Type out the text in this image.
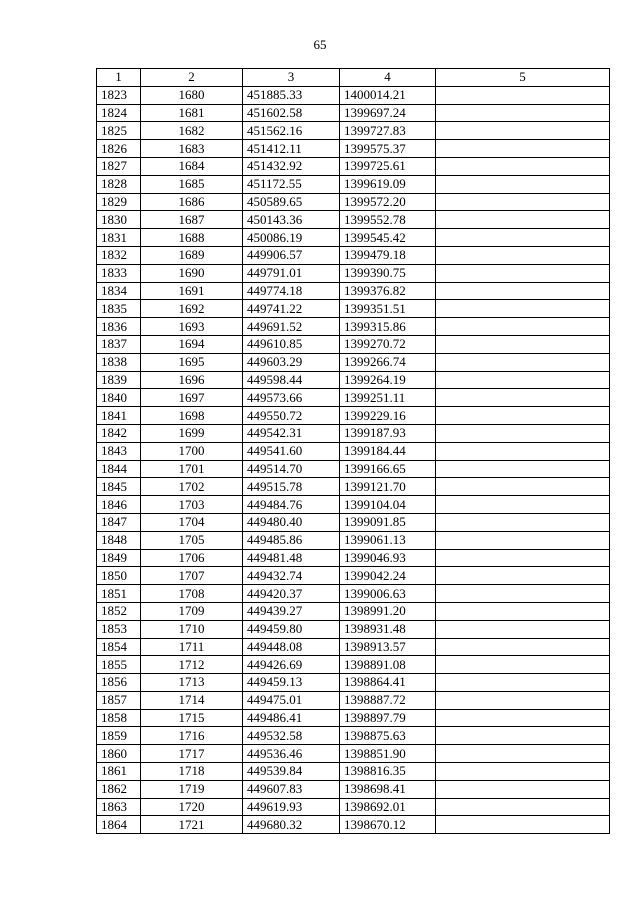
65
1	2	3	4	5
1823	1680	451885.33	1400014.21	
1824	1681	451602.58	1399697.24	
1825	1682	451562.16	1399727.83	
1826	1683	451412.11	1399575.37	
1827	1684	451432.92	1399725.61	
1828	1685	451172.55	1399619.09	
1829	1686	450589.65	1399572.20	
1830	1687	450143.36	1399552.78	
1831	1688	450086.19	1399545.42	
1832	1689	449906.57	1399479.18	
1833	1690	449791.01	1399390.75	
1834	1691	449774.18	1399376.82	
1835	1692	449741.22	1399351.51	
1836	1693	449691.52	1399315.86	
1837	1694	449610.85	1399270.72	
1838	1695	449603.29	1399266.74	
1839	1696	449598.44	1399264.19	
1840	1697	449573.66	1399251.11	
1841	1698	449550.72	1399229.16	
1842	1699	449542.31	1399187.93	
1843	1700	449541.60	1399184.44	
1844	1701	449514.70	1399166.65	
1845	1702	449515.78	1399121.70	
1846	1703	449484.76	1399104.04	
1847	1704	449480.40	1399091.85	
1848	1705	449485.86	1399061.13	
1849	1706	449481.48	1399046.93	
1850	1707	449432.74	1399042.24	
1851	1708	449420.37	1399006.63	
1852	1709	449439.27	1398991.20	
1853	1710	449459.80	1398931.48	
1854	1711	449448.08	1398913.57	
1855	1712	449426.69	1398891.08	
1856	1713	449459.13	1398864.41	
1857	1714	449475.01	1398887.72	
1858	1715	449486.41	1398897.79	
1859	1716	449532.58	1398875.63	
1860	1717	449536.46	1398851.90	
1861	1718	449539.84	1398816.35	
1862	1719	449607.83	1398698.41	
1863	1720	449619.93	1398692.01	
1864	1721	449680.32	1398670.12	
